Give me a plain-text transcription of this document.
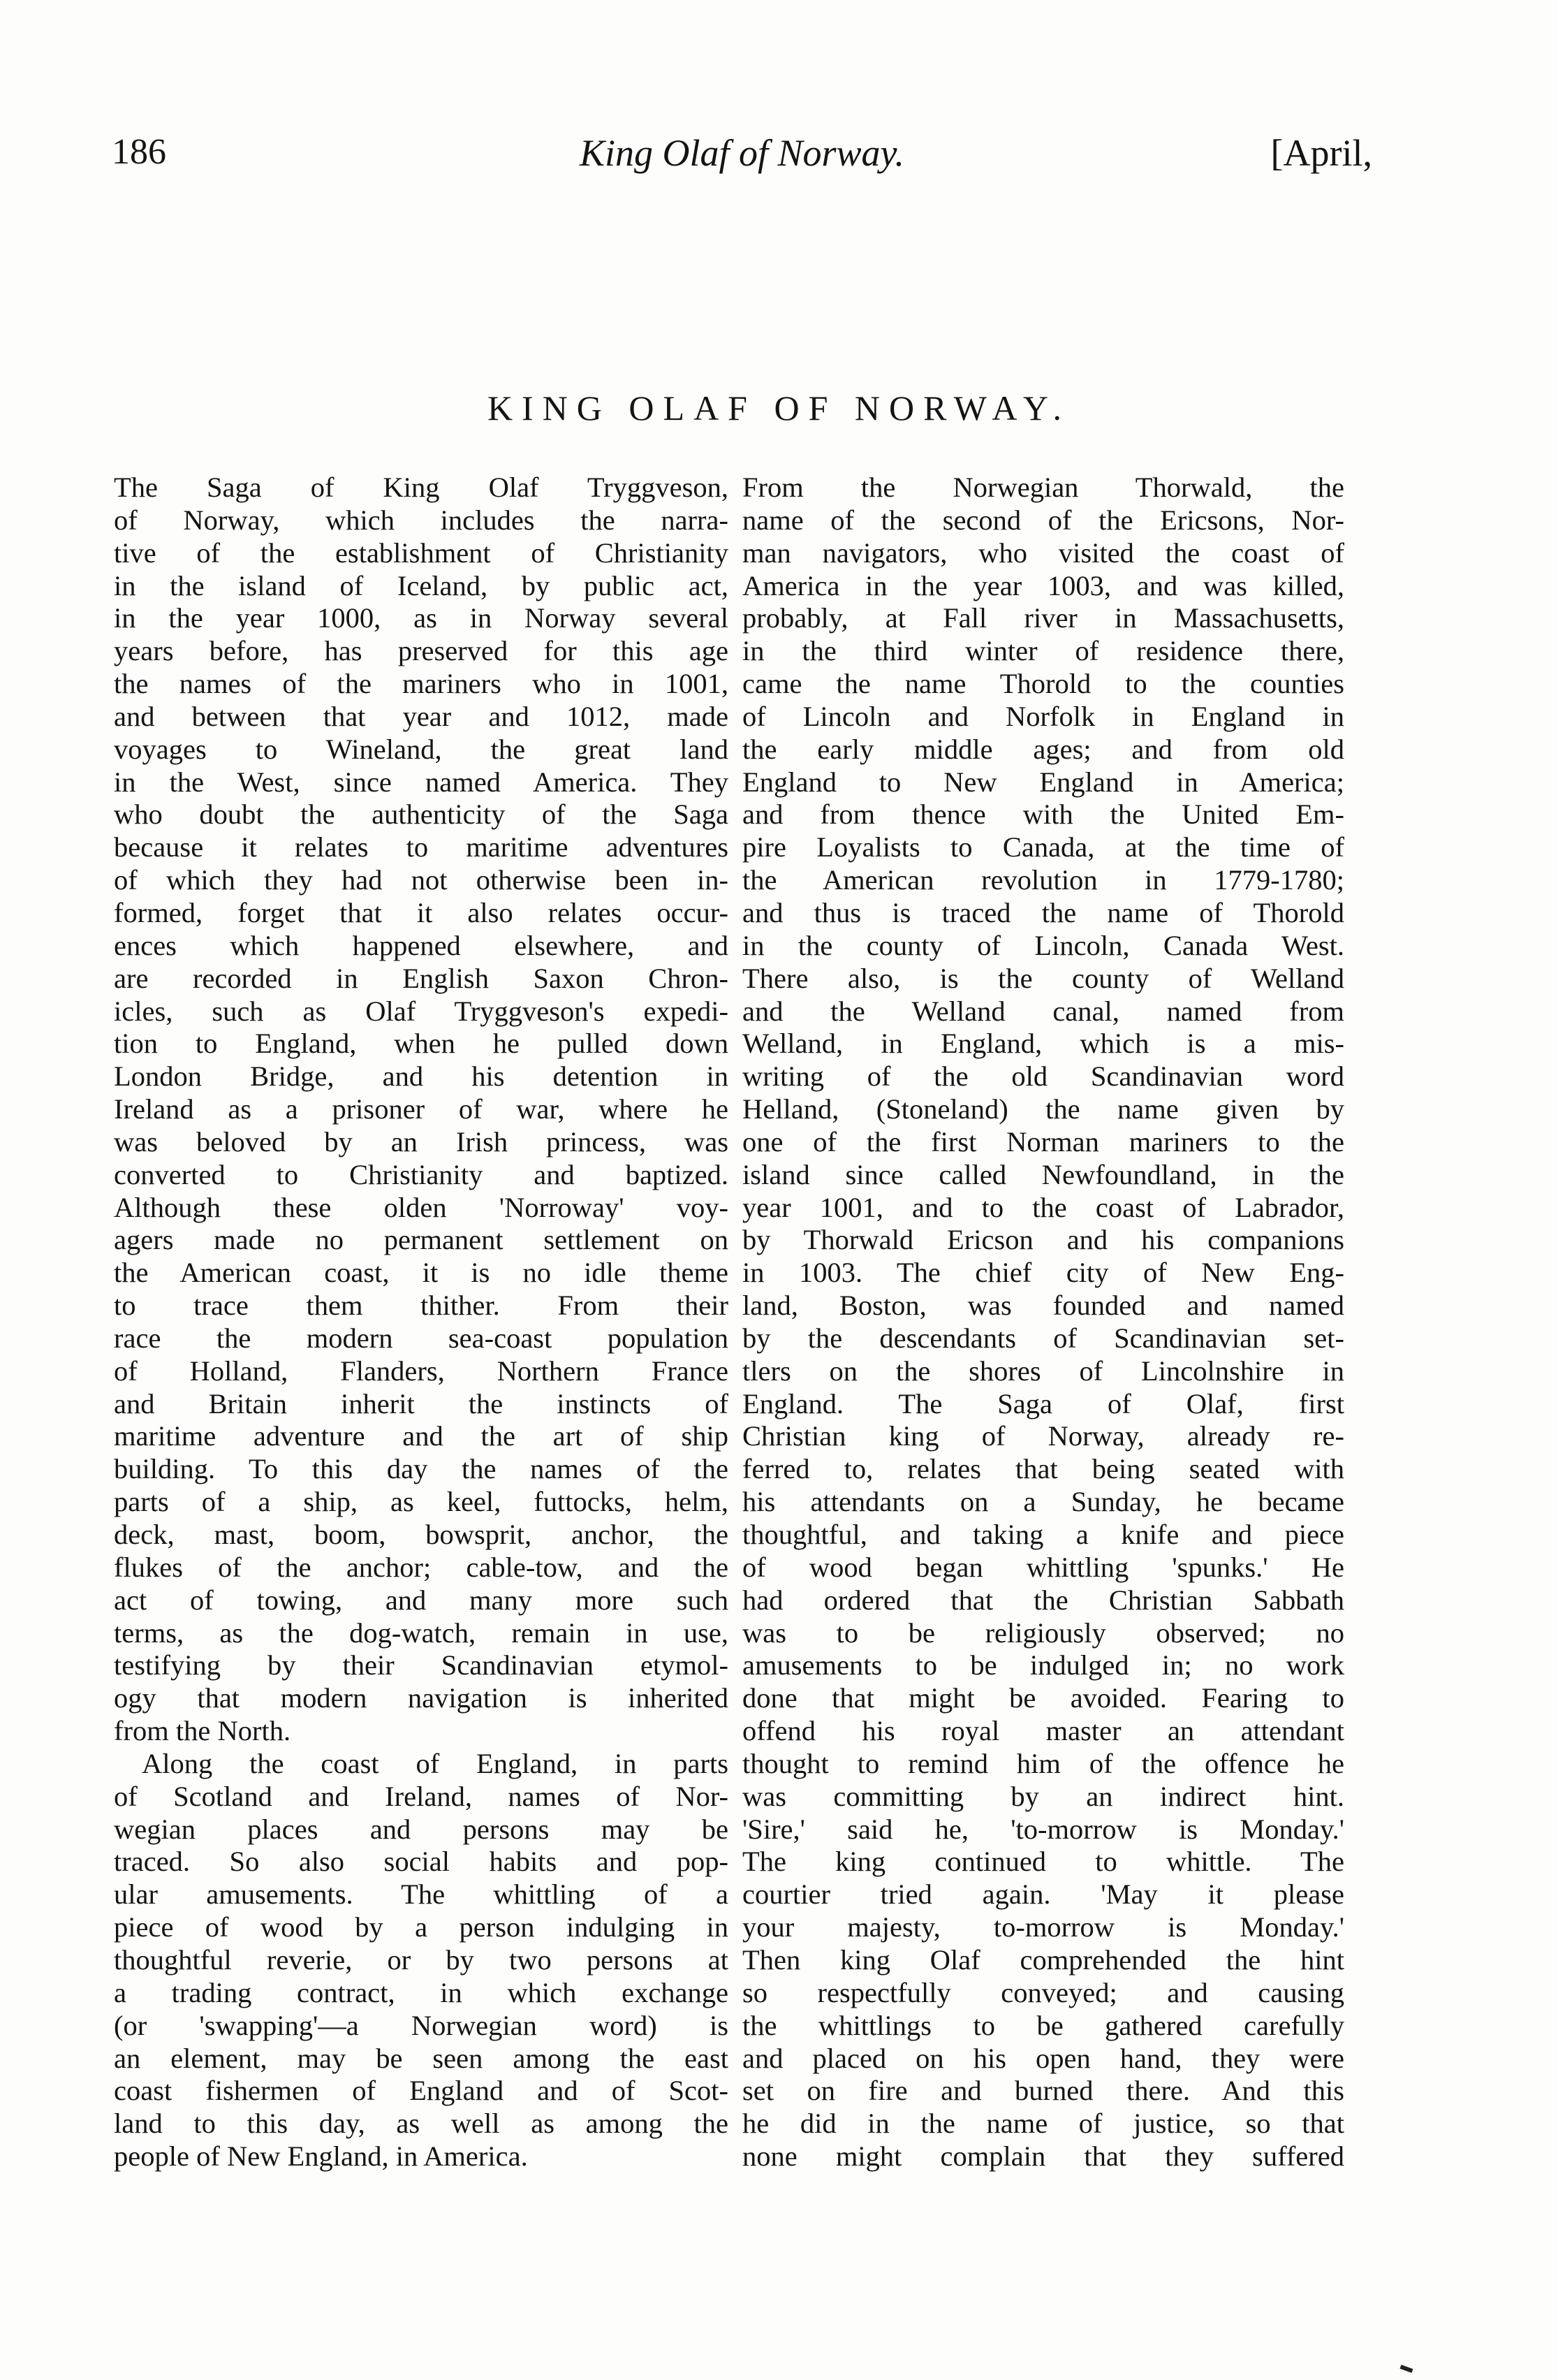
186	King Olaf of Norway.	[April,
KING OLAF OF NORWAY.
The Saga of King Olaf Tryggveson,
of Norway, which includes the narra-
tive of the establishment of Christianity
in the island of Iceland, by public act,
in the year 1000, as in Norway several
years before, has preserved for this age
the names of the mariners who in 1001,
and between that year and 1012, made
voyages to Wineland, the great land
in the West, since named America. They
who doubt the authenticity of the Saga
because it relates to maritime adventures
of which they had not otherwise been in-
formed, forget that it also relates occur-
ences which happened elsewhere, and
are recorded in English Saxon Chron-
icles, such as Olaf Tryggveson's expedi-
tion to England, when he pulled down
London Bridge, and his detention in
Ireland as a prisoner of war, where he
was beloved by an Irish princess, was
converted to Christianity and baptized.
Although these olden 'Norroway' voy-
agers made no permanent settlement on
the American coast, it is no idle theme
to trace them thither. From their
race the modern sea-coast population
of Holland, Flanders, Northern France
and Britain inherit the instincts of
maritime adventure and the art of ship
building. To this day the names of the
parts of a ship, as keel, futtocks, helm,
deck, mast, boom, bowsprit, anchor, the
flukes of the anchor; cable-tow, and the
act of towing, and many more such
terms, as the dog-watch, remain in use,
testifying by their Scandinavian etymol-
ogy that modern navigation is inherited
from the North.
Along the coast of England, in parts
of Scotland and Ireland, names of Nor-
wegian places and persons may be
traced. So also social habits and pop-
ular amusements. The whittling of a
piece of wood by a person indulging in
thoughtful reverie, or by two persons at
a trading contract, in which exchange
(or 'swapping'—a Norwegian word) is
an element, may be seen among the east
coast fishermen of England and of Scot-
land to this day, as well as among the
people of New England, in America.
From the Norwegian Thorwald, the
name of the second of the Ericsons, Nor-
man navigators, who visited the coast of
America in the year 1003, and was killed,
probably, at Fall river in Massachusetts,
in the third winter of residence there,
came the name Thorold to the counties
of Lincoln and Norfolk in England in
the early middle ages; and from old
England to New England in America;
and from thence with the United Em-
pire Loyalists to Canada, at the time of
the American revolution in 1779-1780;
and thus is traced the name of Thorold
in the county of Lincoln, Canada West.
There also, is the county of Welland
and the Welland canal, named from
Welland, in England, which is a mis-
writing of the old Scandinavian word
Helland, (Stoneland) the name given by
one of the first Norman mariners to the
island since called Newfoundland, in the
year 1001, and to the coast of Labrador,
by Thorwald Ericson and his companions
in 1003. The chief city of New Eng-
land, Boston, was founded and named
by the descendants of Scandinavian set-
tlers on the shores of Lincolnshire in
England. The Saga of Olaf, first
Christian king of Norway, already re-
ferred to, relates that being seated with
his attendants on a Sunday, he became
thoughtful, and taking a knife and piece
of wood began whittling 'spunks.' He
had ordered that the Christian Sabbath
was to be religiously observed; no
amusements to be indulged in; no work
done that might be avoided. Fearing to
offend his royal master an attendant
thought to remind him of the offence he
was committing by an indirect hint.
'Sire,' said he, 'to-morrow is Monday.'
The king continued to whittle. The
courtier tried again. 'May it please
your majesty, to-morrow is Monday.'
Then king Olaf comprehended the hint
so respectfully conveyed; and causing
the whittlings to be gathered carefully
and placed on his open hand, they were
set on fire and burned there. And this
he did in the name of justice, so that
none might complain that they suffered
